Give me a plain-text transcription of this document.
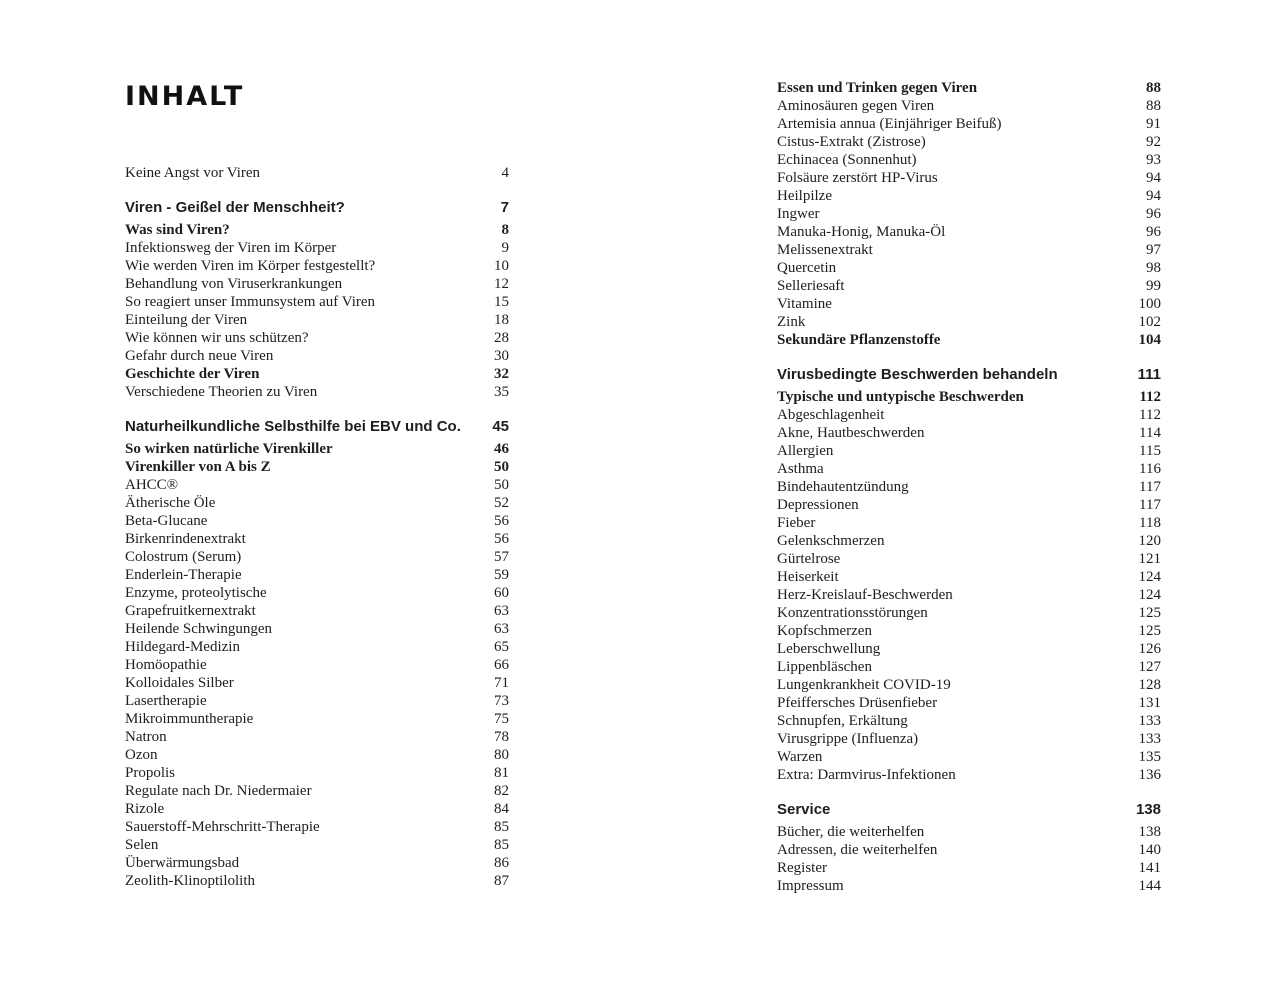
INHALT
Keine Angst vor Viren	4
Viren - Geißel der Menschheit?	7
Was sind Viren?	8
Infektionsweg der Viren im Körper	9
Wie werden Viren im Körper festgestellt?	10
Behandlung von Viruserkrankungen	12
So reagiert unser Immunsystem auf Viren	15
Einteilung der Viren	18
Wie können wir uns schützen?	28
Gefahr durch neue Viren	30
Geschichte der Viren	32
Verschiedene Theorien zu Viren	35
Naturheilkundliche Selbsthilfe bei EBV und Co.	45
So wirken natürliche Virenkiller	46
Virenkiller von A bis Z	50
AHCC®	50
Ätherische Öle	52
Beta-Glucane	56
Birkenrindenextrakt	56
Colostrum (Serum)	57
Enderlein-Therapie	59
Enzyme, proteolytische	60
Grapefruitkernextrakt	63
Heilende Schwingungen	63
Hildegard-Medizin	65
Homöopathie	66
Kolloidales Silber	71
Lasertherapie	73
Mikroimmuntherapie	75
Natron	78
Ozon	80
Propolis	81
Regulate nach Dr. Niedermaier	82
Rizole	84
Sauerstoff-Mehrschritt-Therapie	85
Selen	85
Überwärmungsbad	86
Zeolith-Klinoptilolith	87
Essen und Trinken gegen Viren	88
Aminosäuren gegen Viren	88
Artemisia annua (Einjähriger Beifuß)	91
Cistus-Extrakt (Zistrose)	92
Echinacea (Sonnenhut)	93
Folsäure zerstört HP-Virus	94
Heilpilze	94
Ingwer	96
Manuka-Honig, Manuka-Öl	96
Melissenextrakt	97
Quercetin	98
Selleriesaft	99
Vitamine	100
Zink	102
Sekundäre Pflanzenstoffe	104
Virusbedingte Beschwerden behandeln	111
Typische und untypische Beschwerden	112
Abgeschlagenheit	112
Akne, Hautbeschwerden	114
Allergien	115
Asthma	116
Bindehautentzündung	117
Depressionen	117
Fieber	118
Gelenkschmerzen	120
Gürtelrose	121
Heiserkeit	124
Herz-Kreislauf-Beschwerden	124
Konzentrationsstörungen	125
Kopfschmerzen	125
Leberschwellung	126
Lippenbläschen	127
Lungenkrankheit COVID-19	128
Pfeiffersches Drüsenfieber	131
Schnupfen, Erkältung	133
Virusgrippe (Influenza)	133
Warzen	135
Extra: Darmvirus-Infektionen	136
Service	138
Bücher, die weiterhelfen	138
Adressen, die weiterhelfen	140
Register	141
Impressum	144
